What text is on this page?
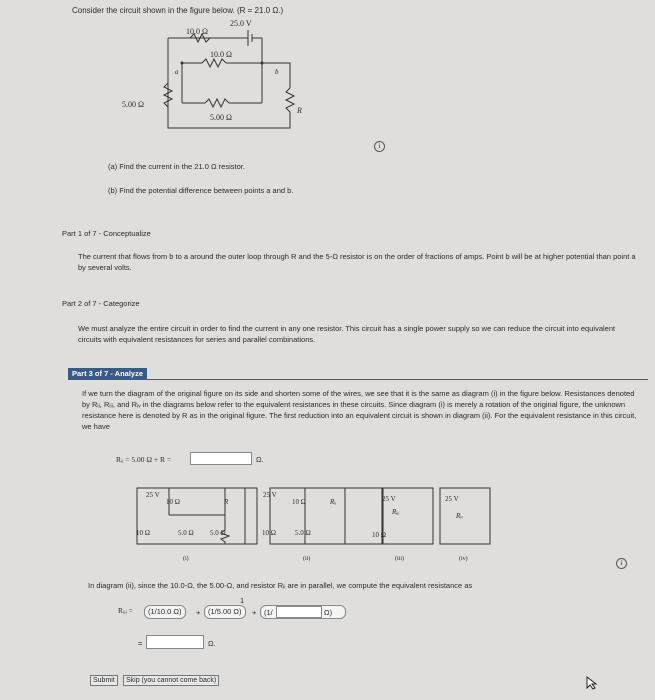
Consider the circuit shown in the figure below. (R = 21.0 Ω.)
10.0 Ω
25.0 V
10.0 Ω
5.00 Ω
5.00 Ω
R
a	b
i
(a) Find the current in the 21.0 Ω resistor.
(b) Find the potential difference between points a and b.
Part 1 of 7 - Conceptualize
The current that flows from b to a around the outer loop through R and the 5-Ω resistor is on the order of fractions of amps. Point b will be at higher potential than point a by several volts.
Part 2 of 7 - Categorize
We must analyze the entire circuit in order to find the current in any one resistor. This circuit has a single power supply so we can reduce the circuit into equivalent circuits with equivalent resistances for series and parallel combinations.
Part 3 of 7 - Analyze
If we turn the diagram of the original figure on its side and shorten some of the wires, we see that it is the same as diagram (i) in the figure below. Resistances denoted by Rᵢᵢ, Rᵢᵢᵢ, and Rᵢᵥ in the diagrams below refer to the equivalent resistances in these circuits. Since diagram (i) is merely a rotation of the original figure, the unknown resistance here is denoted by R as in the original figure. The first reduction into an equivalent circuit is shown in diagram (ii). For the equivalent resistance in this circuit, we have
Rᵢᵢ = 5.00 Ω + R =	Ω.
25 V
10 Ω	R
10 Ω	5.0 Ω 5.0 Ω
(i)
25 V
10 Ω	Rᵢᵢ
10 Ω	5.0 Ω
(ii)
25 V
Rᵢᵢᵢ
10 Ω
(iii)
25 V
Rᵢᵥ
(iv)	i
In diagram (ii), since the 10.0-Ω, the 5.00-Ω, and resistor Rᵢᵢ are in parallel, we compute the equivalent resistance as
Rᵢᵢᵢ =
1
(1/10.0 Ω)	+	(1/5.00 Ω)	+ (1/	Ω)
=	Ω.
Submit	Skip (you cannot come back)
